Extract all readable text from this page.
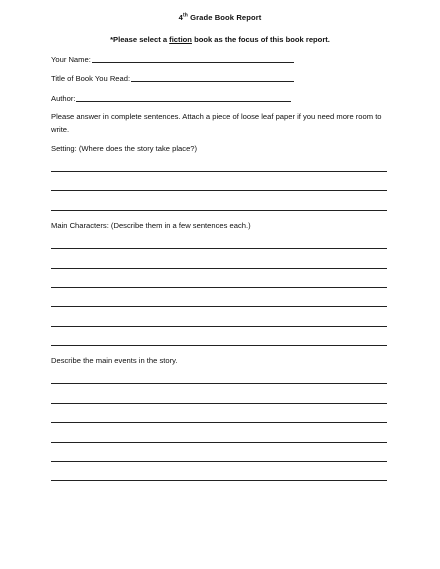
4th Grade Book Report
*Please select a fiction book as the focus of this book report.
Your Name:
Title of Book You Read:
Author:
Please answer in complete sentences. Attach a piece of loose leaf paper if you need more room to write.
Setting: (Where does the story take place?)
Main Characters: (Describe them in a few sentences each.)
Describe the main events in the story.
